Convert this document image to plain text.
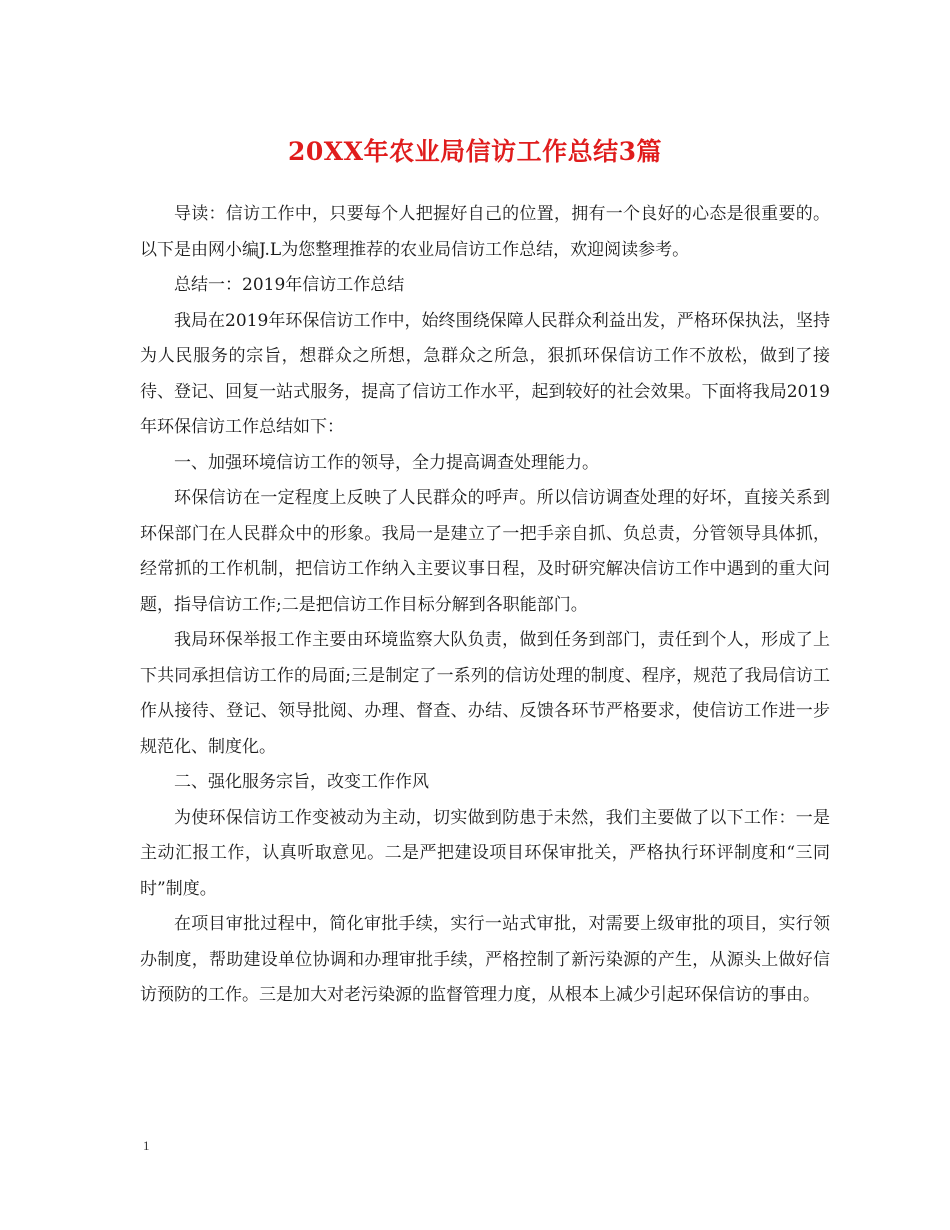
20XX年农业局信访工作总结3篇

导读：信访工作中，只要每个人把握好自己的位置，拥有一个良好的心态是很重要的。以下是由网小编J.L为您整理推荐的农业局信访工作总结，欢迎阅读参考。

总结一：2019年信访工作总结

我局在2019年环保信访工作中，始终围绕保障人民群众利益出发，严格环保执法，坚持为人民服务的宗旨，想群众之所想，急群众之所急，狠抓环保信访工作不放松，做到了接待、登记、回复一站式服务，提高了信访工作水平，起到较好的社会效果。下面将我局2019年环保信访工作总结如下：

一、加强环境信访工作的领导，全力提高调查处理能力。

环保信访在一定程度上反映了人民群众的呼声。所以信访调查处理的好坏，直接关系到环保部门在人民群众中的形象。我局一是建立了一把手亲自抓、负总责，分管领导具体抓，经常抓的工作机制，把信访工作纳入主要议事日程，及时研究解决信访工作中遇到的重大问题，指导信访工作;二是把信访工作目标分解到各职能部门。

我局环保举报工作主要由环境监察大队负责，做到任务到部门，责任到个人，形成了上下共同承担信访工作的局面;三是制定了一系列的信访处理的制度、程序，规范了我局信访工作从接待、登记、领导批阅、办理、督查、办结、反馈各环节严格要求，使信访工作进一步规范化、制度化。

二、强化服务宗旨，改变工作作风

为使环保信访工作变被动为主动，切实做到防患于未然，我们主要做了以下工作：一是主动汇报工作，认真听取意见。二是严把建设项目环保审批关，严格执行环评制度和“三同时”制度。

在项目审批过程中，简化审批手续，实行一站式审批，对需要上级审批的项目，实行领办制度，帮助建设单位协调和办理审批手续，严格控制了新污染源的产生，从源头上做好信访预防的工作。三是加大对老污染源的监督管理力度，从根本上减少引起环保信访的事由。

1
